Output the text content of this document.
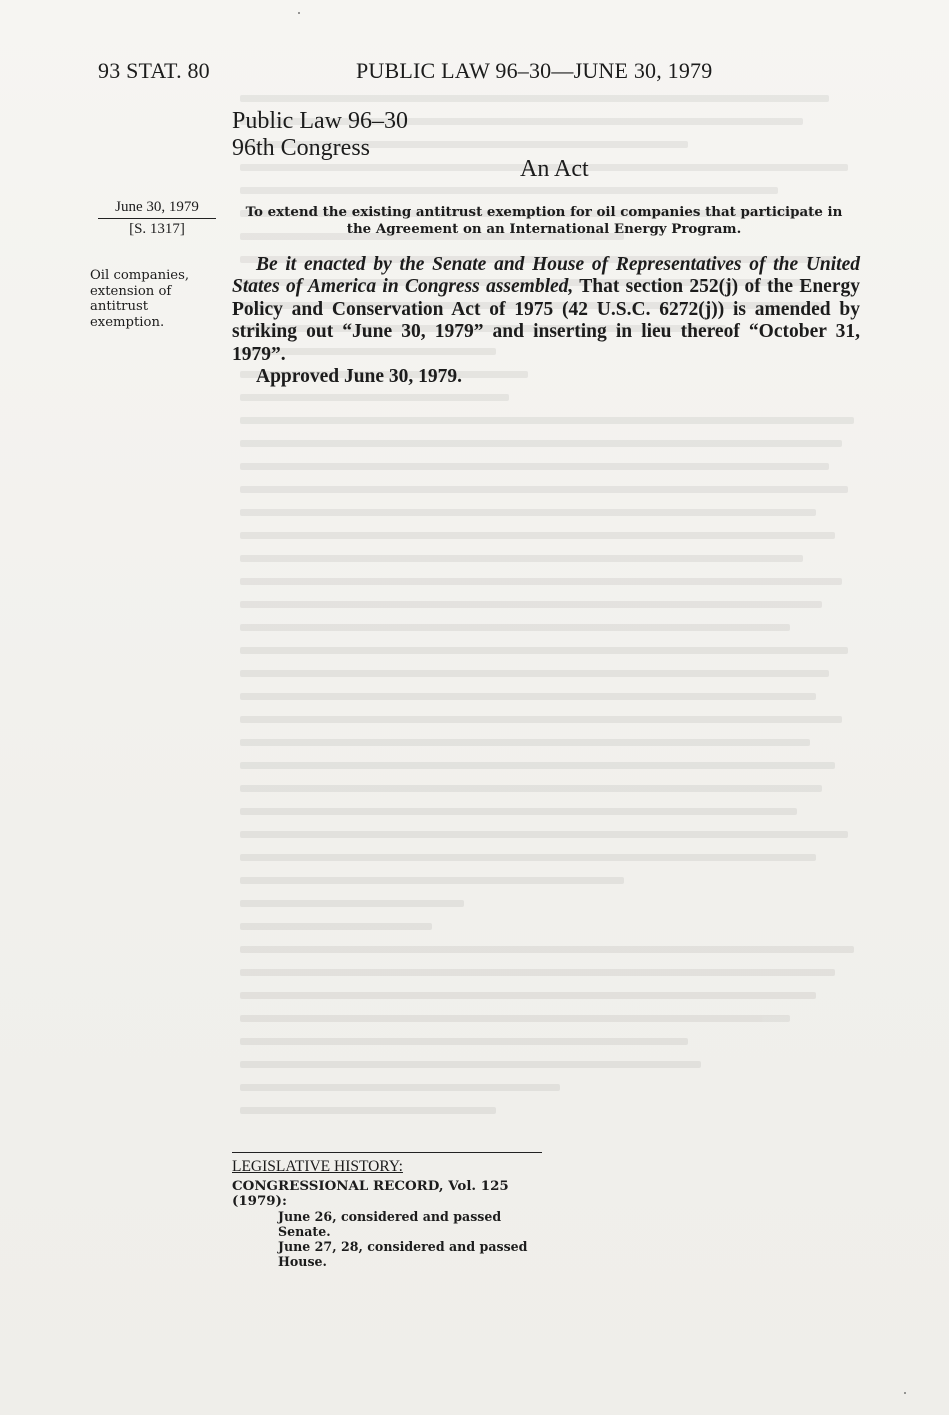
93 STAT. 80	PUBLIC LAW 96–30—JUNE 30, 1979
Public Law 96–30
96th Congress
An Act
June 30, 1979
[S. 1317]
To extend the existing antitrust exemption for oil companies that participate in the Agreement on an International Energy Program.
Oil companies, extension of antitrust exemption.
Be it enacted by the Senate and House of Representatives of the United States of America in Congress assembled, That section 252(j) of the Energy Policy and Conservation Act of 1975 (42 U.S.C. 6272(j)) is amended by striking out “June 30, 1979” and inserting in lieu thereof “October 31, 1979”.
Approved June 30, 1979.
LEGISLATIVE HISTORY:
CONGRESSIONAL RECORD, Vol. 125 (1979):
June 26, considered and passed Senate.
June 27, 28, considered and passed House.
